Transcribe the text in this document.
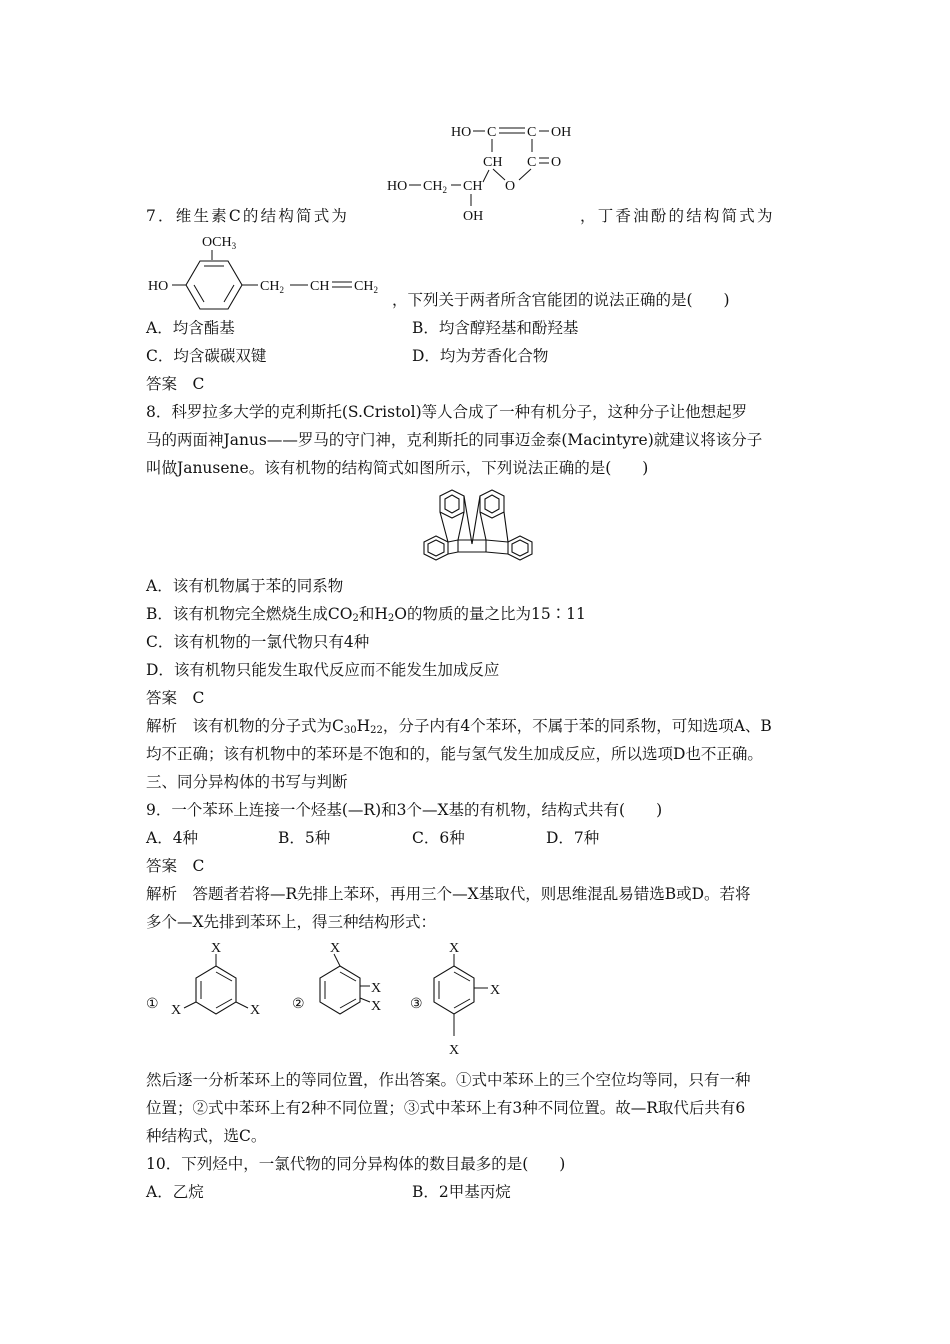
HO C C OH
CH C O
O
HO $CH_2$ CH
OH
7．维生素C的结构简式为	，丁香油酚的结构简式为
$OCH_3$
HO	$CH_2$ CH $CH_2$
，下列关于两者所含官能团的说法正确的是(　　)
A．均含酯基	B．均含醇羟基和酚羟基
C．均含碳碳双键	D．均为芳香化合物
答案　C
8．科罗拉多大学的克利斯托(S.Cristol)等人合成了一种有机分子，这种分子让他想起罗
马的两面神Janus——罗马的守门神，克利斯托的同事迈金泰(Macintyre)就建议将该分子
叫做Janusene。该有机物的结构简式如图所示，下列说法正确的是(　　)
A．该有机物属于苯的同系物
B．该有机物完全燃烧生成$CO_2$和$H_2O$的物质的量之比为15∶11
C．该有机物的一氯代物只有4种
D．该有机物只能发生取代反应而不能发生加成反应
答案　C
解析　该有机物的分子式为$C_{30}H_{22}$，分子内有4个苯环，不属于苯的同系物，可知选项A、B
均不正确；该有机物中的苯环是不饱和的，能与氢气发生加成反应，所以选项D也不正确。
三、同分异构体的书写与判断
9．一个苯环上连接一个烃基(—R)和3个—X基的有机物，结构式共有(　　)
A．4种	B．5种	C．6种	D．7种
答案　C
解析　答题者若将—R先排上苯环，再用三个—X基取代，则思维混乱易错选B或D。若将
多个—X先排到苯环上，得三种结构形式：
①
X
X	X ②
X
X
X ③
X
X
X
然后逐一分析苯环上的等同位置，作出答案。①式中苯环上的三个空位均等同，只有一种
位置；②式中苯环上有2种不同位置；③式中苯环上有3种不同位置。故—R取代后共有6
种结构式，选C。
10．下列烃中，一氯代物的同分异构体的数目最多的是(　　)
A．乙烷	B．2甲基丙烷
